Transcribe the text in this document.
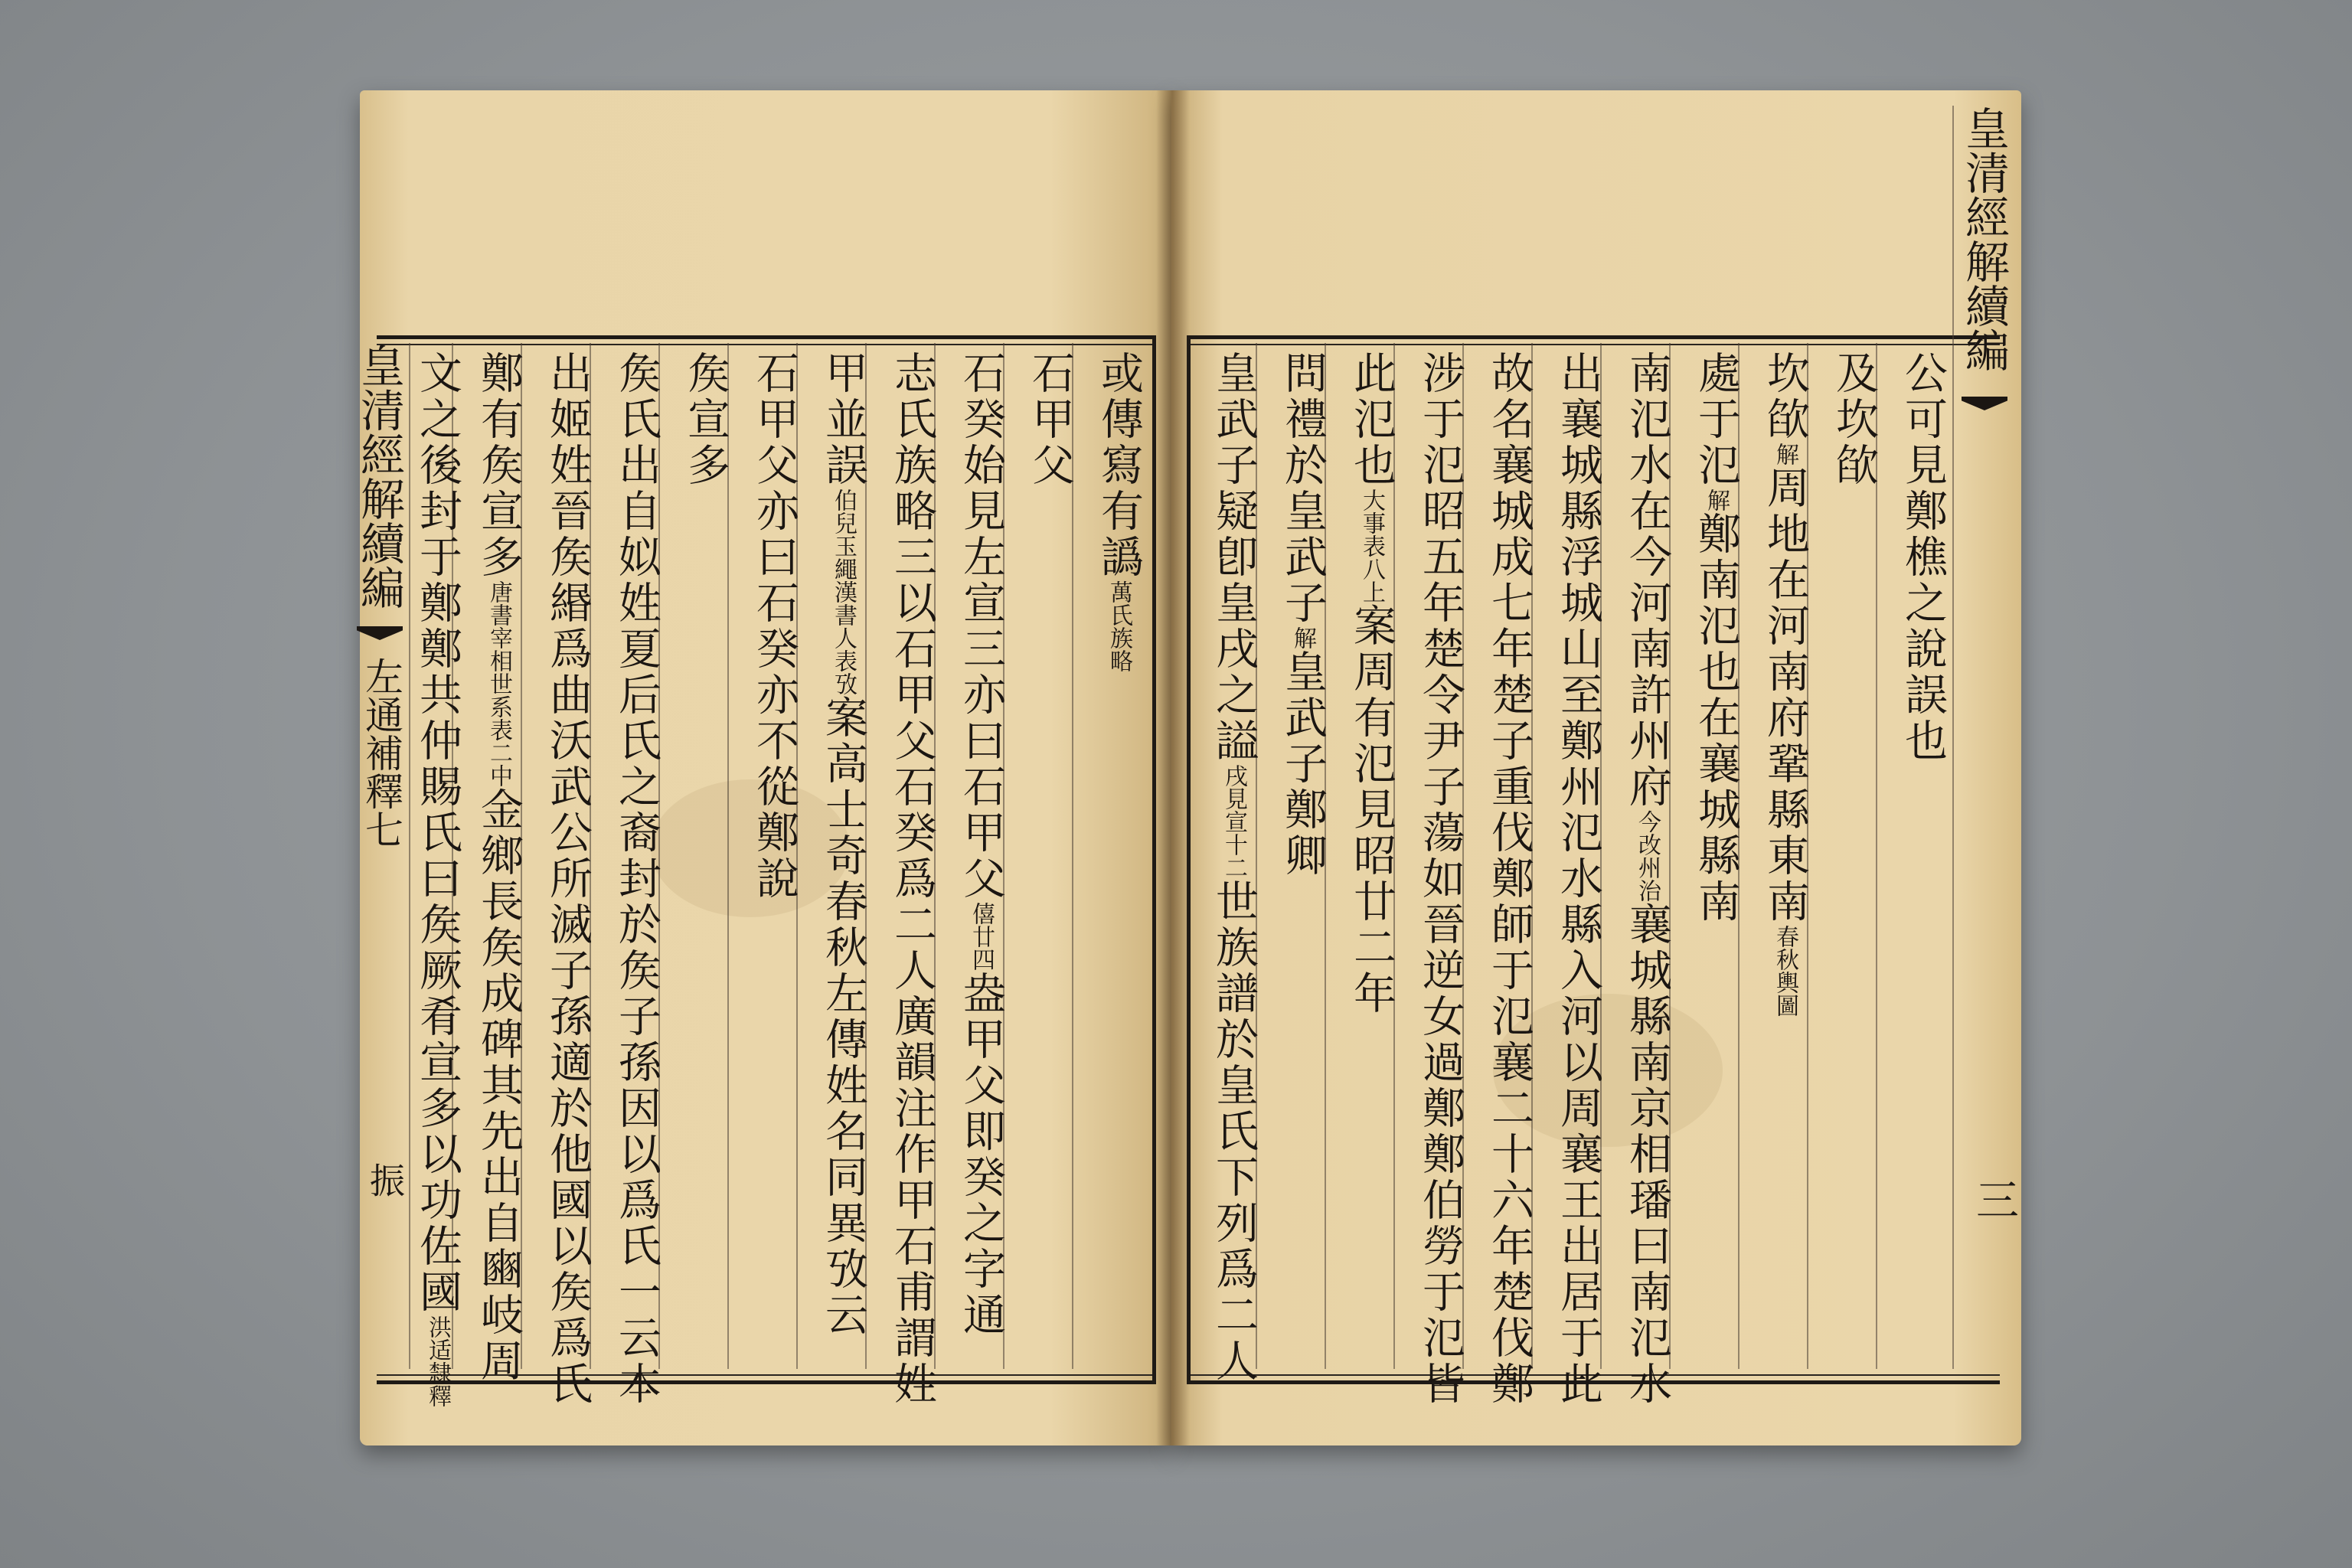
皇清經解續編
左通補釋七
振
或傳寫有譌萬氏族略
石甲父
石癸始見左宣三亦曰石甲父僖廿四盎甲父即癸之字通
志氏族略三以石甲父石癸爲二人廣韻注作甲石甫謂姓
甲並誤伯兒玉繩漢書人表攷案高士奇春秋左傳姓名同異攷云
石甲父亦曰石癸亦不從鄭說
矦宣多
矦氏出自姒姓夏后氏之裔封於矦子孫因以爲氏一云本
出姬姓晉矦緡爲曲沃武公所滅子孫適於他國以矦爲氏
鄭有矦宣多唐書宰相世系表二中金鄉長矦成碑其先出自豳岐周
文之後封于鄭鄭共仲賜氏曰矦厥肴宣多以功佐國洪适隸釋
皇清經解續編
三
公可見鄭樵之說誤也
及坎欿
坎欿解周地在河南府鞏縣東南春秋輿圖
處于氾解鄭南氾也在襄城縣南
南氾水在今河南許州府今改州治襄城縣南京相璠曰南氾水
出襄城縣浮城山至鄭州氾水縣入河以周襄王出居于此
故名襄城成七年楚子重伐鄭師于氾襄二十六年楚伐鄭
涉于氾昭五年楚令尹子蕩如晉逆女過鄭鄭伯勞于氾皆
此氾也大事表八上案周有氾見昭廿二年
問禮於皇武子解皇武子鄭卿
皇武子疑卽皇戌之謚戌見宣十二世族譜於皇氏下列爲二人
